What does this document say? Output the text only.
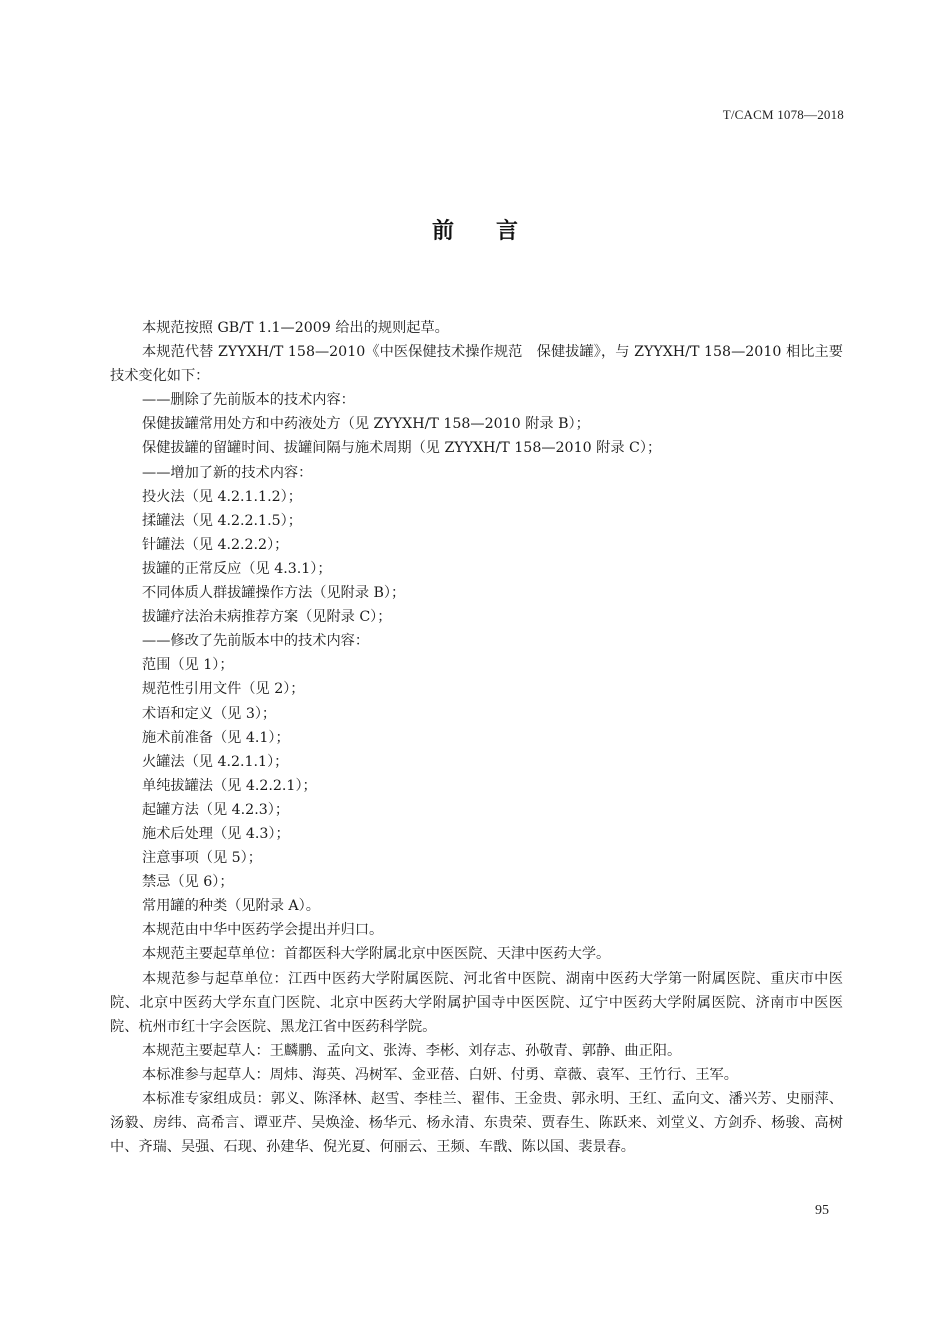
T/CACM 1078—2018
前言

本规范按照 GB/T 1.1—2009 给出的规则起草。

本规范代替 ZYYXH/T 158—2010《中医保健技术操作规范　保健拔罐》，与 ZYYXH/T 158—2010 相比主要技术变化如下：

——删除了先前版本的技术内容：

保健拔罐常用处方和中药液处方（见 ZYYXH/T 158—2010 附录 B）；

保健拔罐的留罐时间、拔罐间隔与施术周期（见 ZYYXH/T 158—2010 附录 C）；

——增加了新的技术内容：

投火法（见 4.2.1.1.2）；

揉罐法（见 4.2.2.1.5）；

针罐法（见 4.2.2.2）；

拔罐的正常反应（见 4.3.1）；

不同体质人群拔罐操作方法（见附录 B）；

拔罐疗法治未病推荐方案（见附录 C）；

——修改了先前版本中的技术内容：

范围（见 1）；

规范性引用文件（见 2）；

术语和定义（见 3）；

施术前准备（见 4.1）；

火罐法（见 4.2.1.1）；

单纯拔罐法（见 4.2.2.1）；

起罐方法（见 4.2.3）；

施术后处理（见 4.3）；

注意事项（见 5）；

禁忌（见 6）；

常用罐的种类（见附录 A）。

本规范由中华中医药学会提出并归口。

本规范主要起草单位：首都医科大学附属北京中医医院、天津中医药大学。

本规范参与起草单位：江西中医药大学附属医院、河北省中医院、湖南中医药大学第一附属医院、重庆市中医院、北京中医药大学东直门医院、北京中医药大学附属护国寺中医医院、辽宁中医药大学附属医院、济南市中医医院、杭州市红十字会医院、黑龙江省中医药科学院。

本规范主要起草人：王麟鹏、孟向文、张涛、李彬、刘存志、孙敬青、郭静、曲正阳。

本标准参与起草人：周炜、海英、冯树军、金亚蓓、白妍、付勇、章薇、袁军、王竹行、王军。

本标准专家组成员：郭义、陈泽林、赵雪、李桂兰、翟伟、王金贵、郭永明、王红、孟向文、潘兴芳、史丽萍、汤毅、房纬、高希言、谭亚芹、吴焕淦、杨华元、杨永清、东贵荣、贾春生、陈跃来、刘堂义、方剑乔、杨骏、高树中、齐瑞、吴强、石现、孙建华、倪光夏、何丽云、王频、车戬、陈以国、裴景春。

95
